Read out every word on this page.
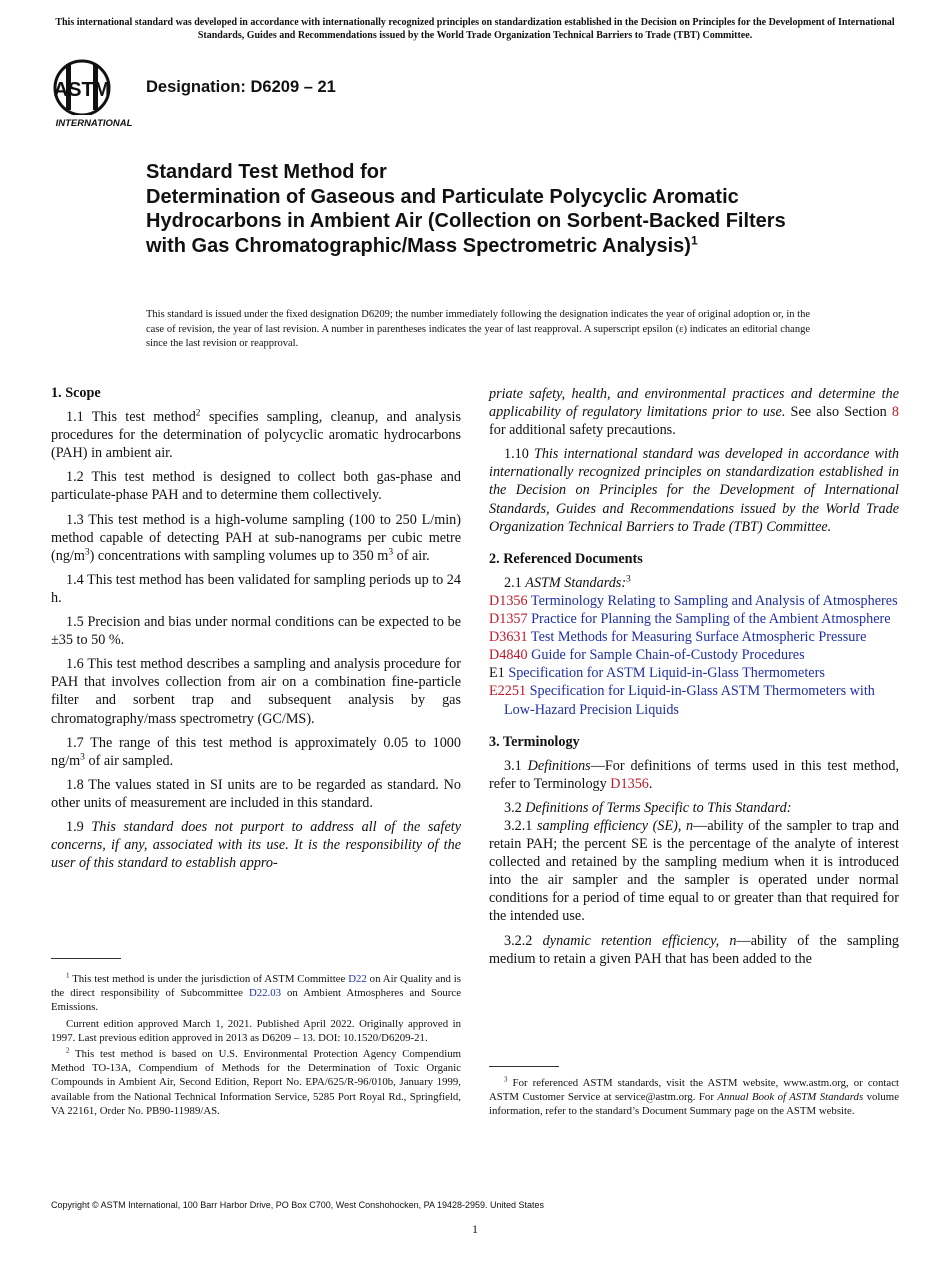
This international standard was developed in accordance with internationally recognized principles on standardization established in the Decision on Principles for the Development of International Standards, Guides and Recommendations issued by the World Trade Organization Technical Barriers to Trade (TBT) Committee.
ASTM
INTERNATIONAL
Designation: D6209 – 21
Standard Test Method for
Determination of Gaseous and Particulate Polycyclic Aromatic Hydrocarbons in Ambient Air (Collection on Sorbent-Backed Filters with Gas Chromatographic/Mass Spectrometric Analysis)$^1$
This standard is issued under the fixed designation D6209; the number immediately following the designation indicates the year of original adoption or, in the case of revision, the year of last revision. A number in parentheses indicates the year of last reapproval. A superscript epsilon (ε) indicates an editorial change since the last revision or reapproval.

1. Scope

1.1 This test method$^2$ specifies sampling, cleanup, and analysis procedures for the determination of polycyclic aromatic hydrocarbons (PAH) in ambient air.

1.2 This test method is designed to collect both gas-phase and particulate-phase PAH and to determine them collectively.

1.3 This test method is a high-volume sampling (100 to 250 L/min) method capable of detecting PAH at sub-nanograms per cubic metre $(ng/m^3)$ concentrations with sampling volumes up to 350 $m^3$ of air.

1.4 This test method has been validated for sampling periods up to 24 h.

1.5 Precision and bias under normal conditions can be expected to be ±35 to 50 %.

1.6 This test method describes a sampling and analysis procedure for PAH that involves collection from air on a combination fine-particle filter and sorbent trap and subsequent analysis by gas chromatography/mass spectrometry (GC/MS).

1.7 The range of this test method is approximately 0.05 to 1000 $ng/m^3$ of air sampled.

1.8 The values stated in SI units are to be regarded as standard. No other units of measurement are included in this standard.

1.9 This standard does not purport to address all of the safety concerns, if any, associated with its use. It is the responsibility of the user of this standard to establish appro-

$^1$ This test method is under the jurisdiction of ASTM Committee D22 on Air Quality and is the direct responsibility of Subcommittee D22.03 on Ambient Atmospheres and Source Emissions.

Current edition approved March 1, 2021. Published April 2022. Originally approved in 1997. Last previous edition approved in 2013 as D6209 – 13. DOI: 10.1520/D6209-21.

$^2$ This test method is based on U.S. Environmental Protection Agency Compendium Method TO-13A, Compendium of Methods for the Determination of Toxic Organic Compounds in Ambient Air, Second Edition, Report No. EPA/625/R-96/010b, January 1999, available from the National Technical Information Service, 5285 Port Royal Rd., Springfield, VA 22161, Order No. PB90-11989/AS.

priate safety, health, and environmental practices and determine the applicability of regulatory limitations prior to use. See also Section 8 for additional safety precautions.

1.10 This international standard was developed in accordance with internationally recognized principles on standardization established in the Decision on Principles for the Development of International Standards, Guides and Recommendations issued by the World Trade Organization Technical Barriers to Trade (TBT) Committee.

2. Referenced Documents

2.1 ASTM Standards:$^3$

D1356 Terminology Relating to Sampling and Analysis of Atmospheres

D1357 Practice for Planning the Sampling of the Ambient Atmosphere

D3631 Test Methods for Measuring Surface Atmospheric Pressure

D4840 Guide for Sample Chain-of-Custody Procedures

E1 Specification for ASTM Liquid-in-Glass Thermometers

E2251 Specification for Liquid-in-Glass ASTM Thermometers with Low-Hazard Precision Liquids

3. Terminology

3.1 Definitions—For definitions of terms used in this test method, refer to Terminology D1356.

3.2 Definitions of Terms Specific to This Standard:

3.2.1 sampling efficiency (SE), n—ability of the sampler to trap and retain PAH; the percent SE is the percentage of the analyte of interest collected and retained by the sampling medium when it is introduced into the air sampler and the sampler is operated under normal conditions for a period of time equal to or greater than that required for the intended use.

3.2.2 dynamic retention efficiency, n—ability of the sampling medium to retain a given PAH that has been added to the

$^3$ For referenced ASTM standards, visit the ASTM website, www.astm.org, or contact ASTM Customer Service at service@astm.org. For Annual Book of ASTM Standards volume information, refer to the standard’s Document Summary page on the ASTM website.

Copyright © ASTM International, 100 Barr Harbor Drive, PO Box C700, West Conshohocken, PA 19428-2959. United States
1
